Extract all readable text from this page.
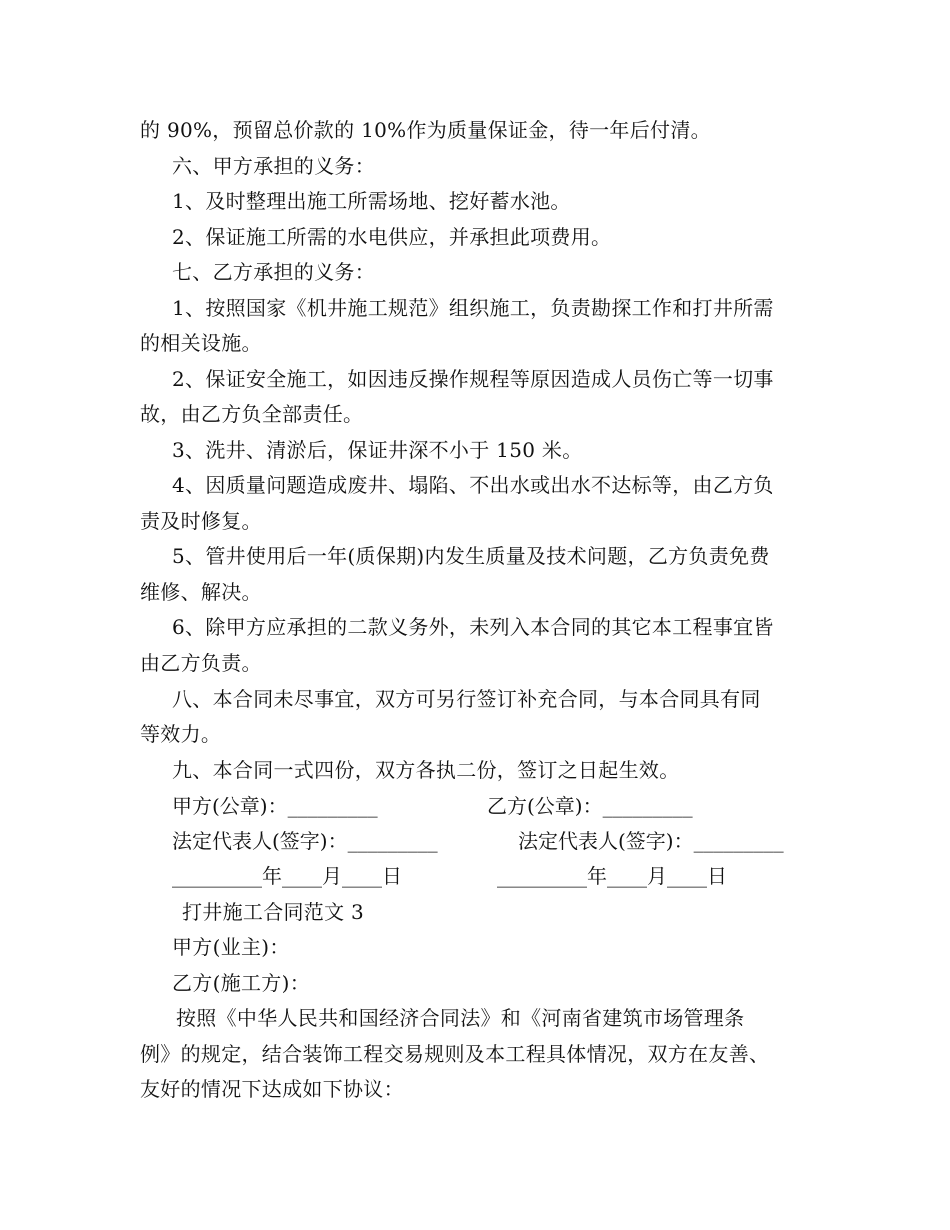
的 90%，预留总价款的 10%作为质量保证金，待一年后付清。
六、甲方承担的义务：
1、及时整理出施工所需场地、挖好蓄水池。
2、保证施工所需的水电供应，并承担此项费用。
七、乙方承担的义务：
1、按照国家《机井施工规范》组织施工，负责勘探工作和打井所需
的相关设施。
2、保证安全施工，如因违反操作规程等原因造成人员伤亡等一切事
故，由乙方负全部责任。
3、洗井、清淤后，保证井深不小于 150 米。
4、因质量问题造成废井、塌陷、不出水或出水不达标等，由乙方负
责及时修复。
5、管井使用后一年(质保期)内发生质量及技术问题，乙方负责免费
维修、解决。
6、除甲方应承担的二款义务外，未列入本合同的其它本工程事宜皆
由乙方负责。
八、本合同未尽事宜，双方可另行签订补充合同，与本合同具有同
等效力。
九、本合同一式四份，双方各执二份，签订之日起生效。
甲方(公章)：_________	乙方(公章)：_________
法定代表人(签字)：_________	法定代表人(签字)：_________
_________年____月____日	_________年____月____日
打井施工合同范文 3
甲方(业主)：
乙方(施工方)：
按照《中华人民共和国经济合同法》和《河南省建筑市场管理条
例》的规定，结合装饰工程交易规则及本工程具体情况，双方在友善、
友好的情况下达成如下协议：
